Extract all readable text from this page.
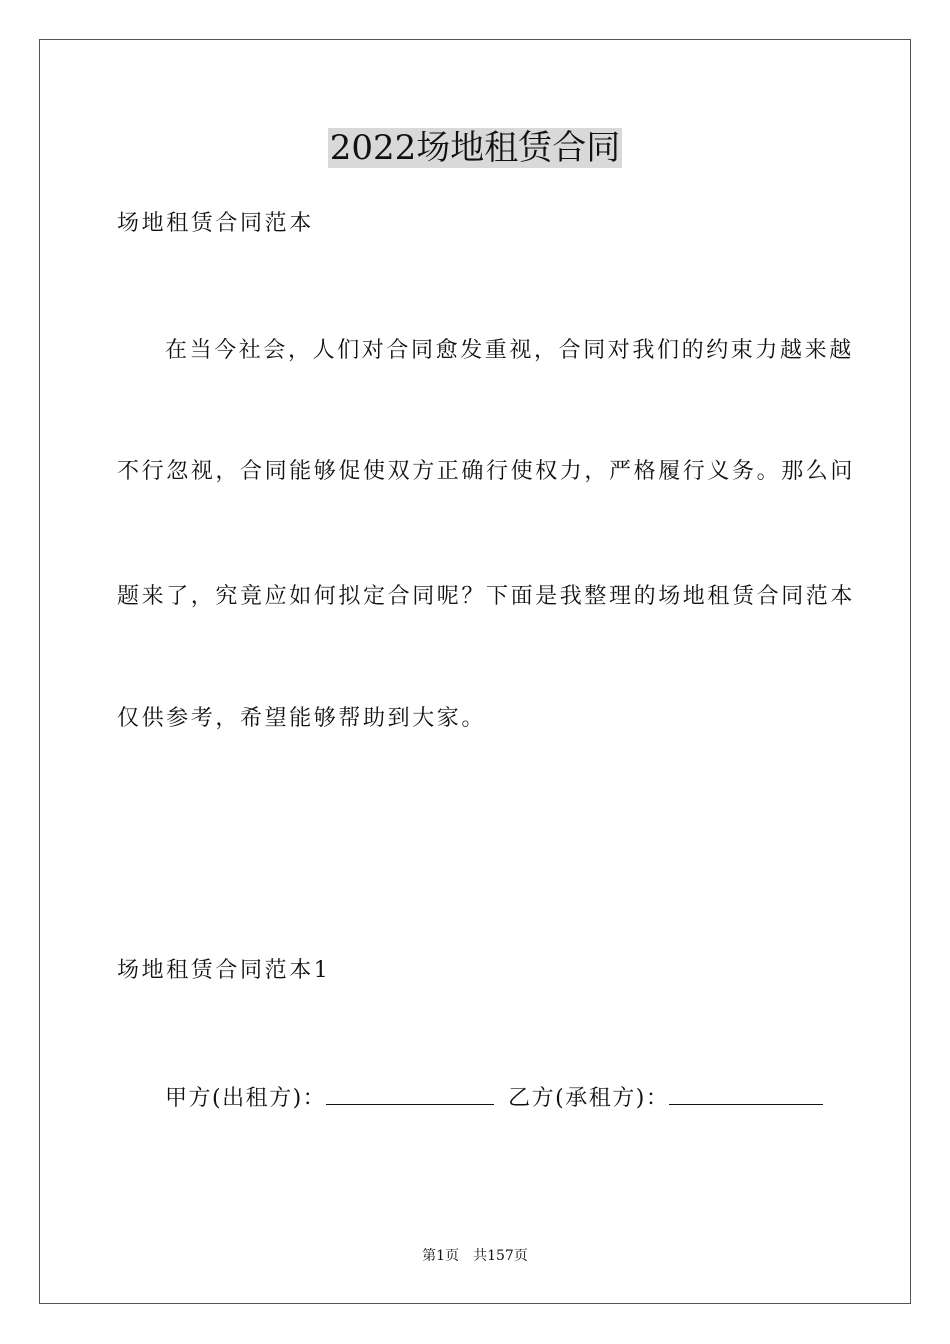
2022场地租赁合同
场地租赁合同范本
在当今社会，人们对合同愈发重视，合同对我们的约束力越来越
不行忽视，合同能够促使双方正确行使权力，严格履行义务。那么问
题来了，究竟应如何拟定合同呢？下面是我整理的场地租赁合同范本
仅供参考，希望能够帮助到大家。
场地租赁合同范本1
甲方(出租方)：	乙方(承租方)：
第1页 共157页
